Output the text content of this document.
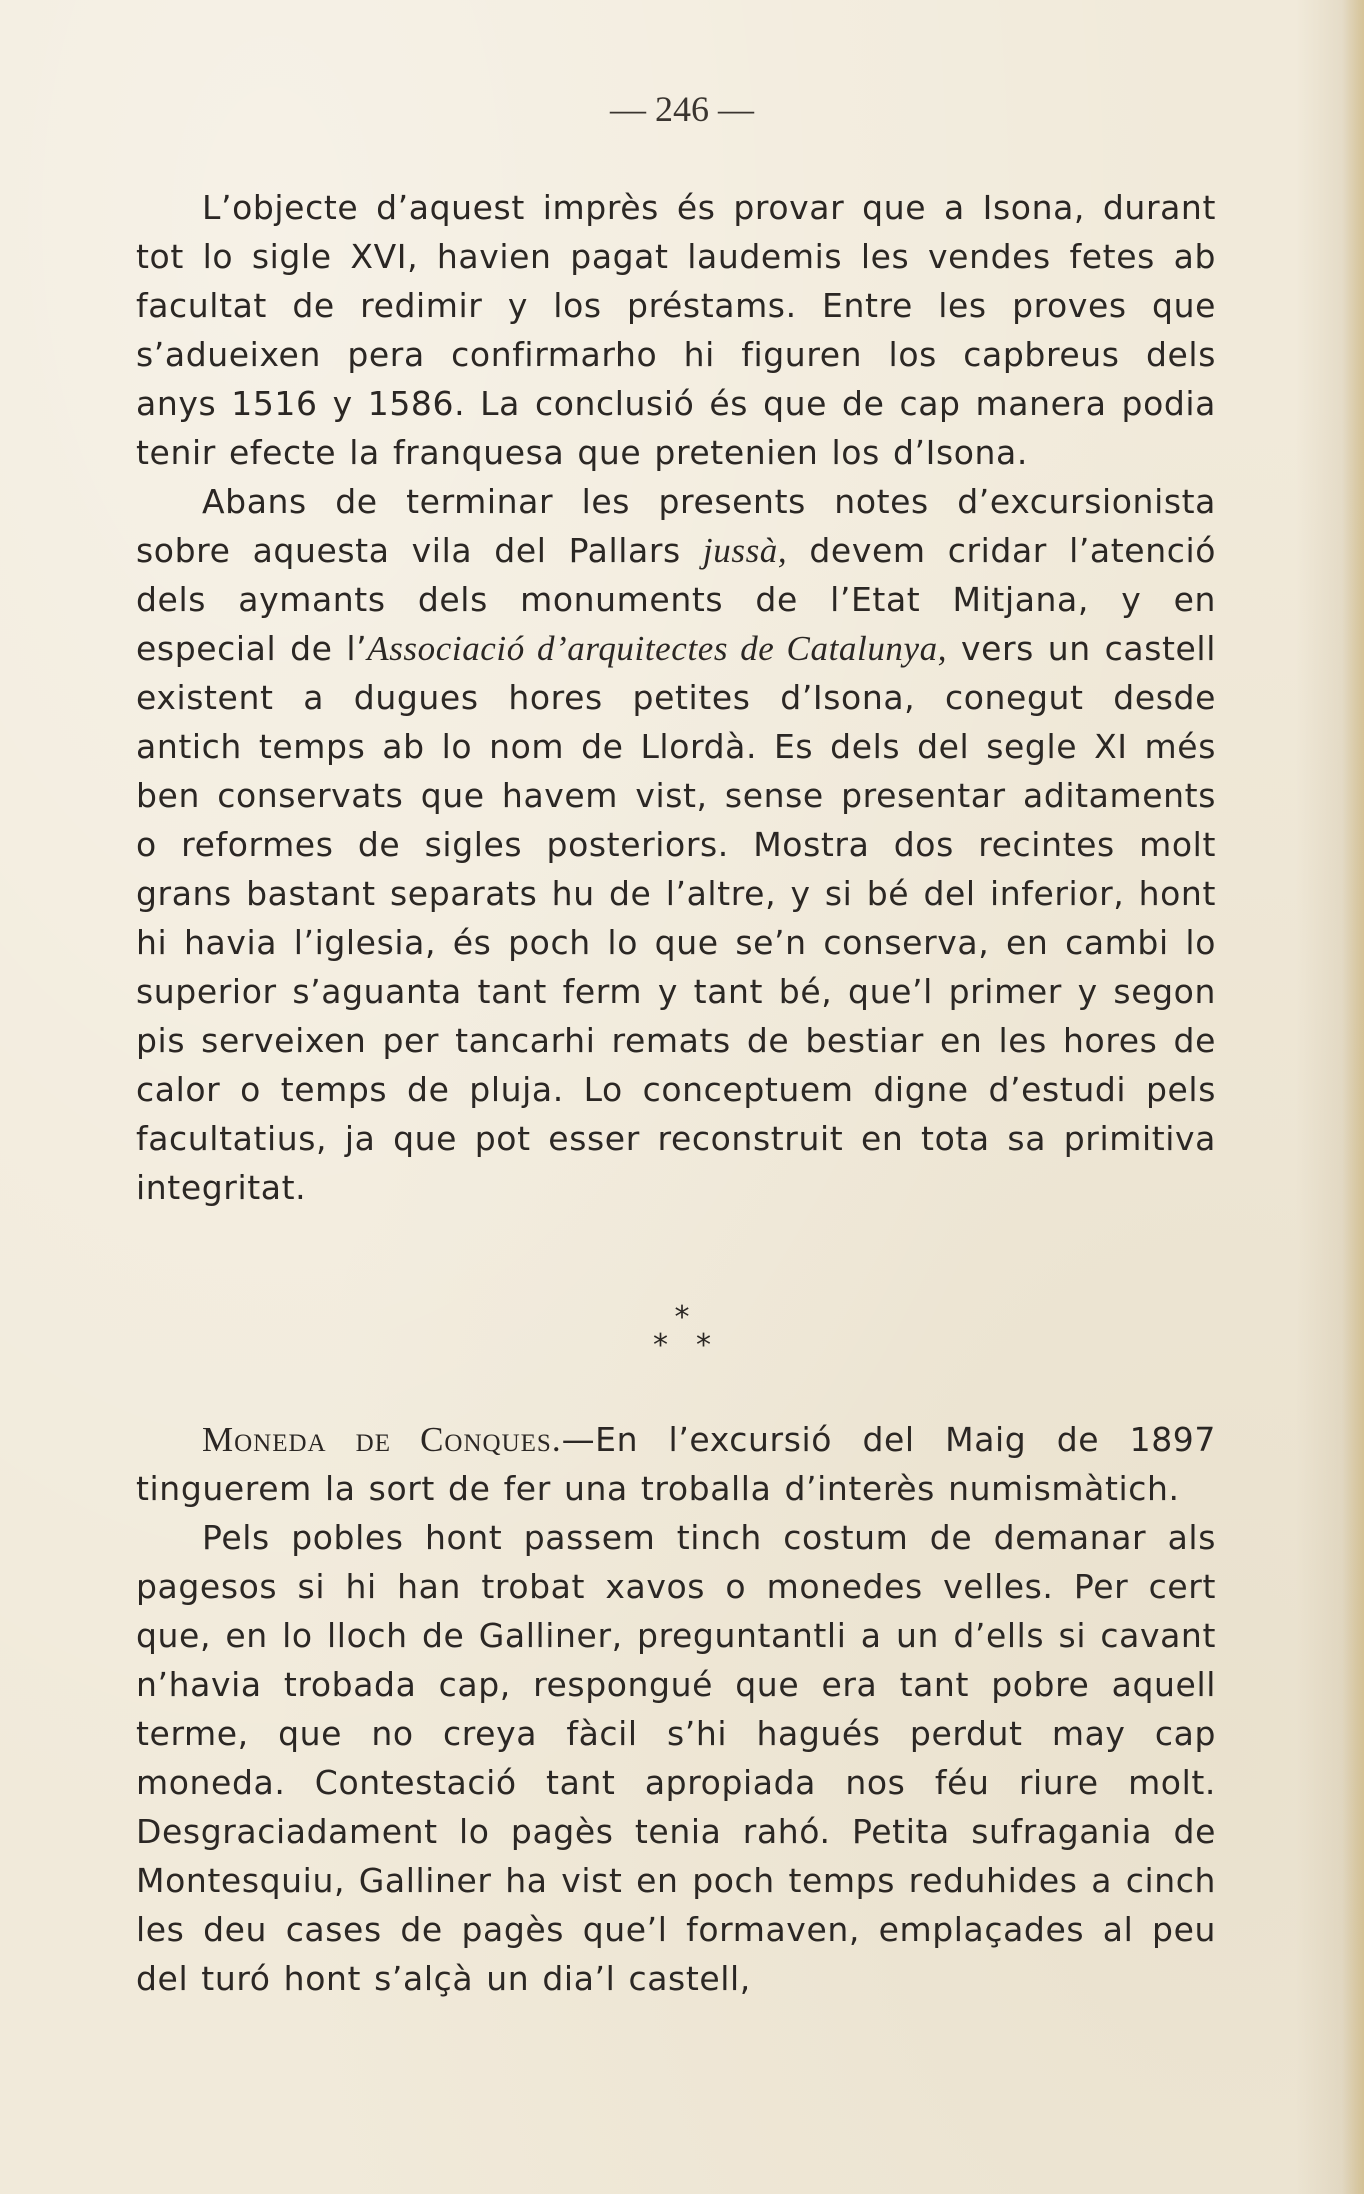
— 246 —

L’objecte d’aquest imprès és provar que a Isona, durant tot lo sigle XVI, havien pagat laudemis les vendes fetes ab facultat de redimir y los préstams. Entre les proves que s’adueixen pera confirmarho hi figuren los capbreus dels anys 1516 y 1586. La conclusió és que de cap manera podia tenir efecte la franquesa que pretenien los d’Isona.

Abans de terminar les presents notes d’excursionista sobre aquesta vila del Pallars jussà, devem cridar l’atenció dels aymants dels monuments de l’Etat Mitjana, y en especial de l’Associació d’arquitectes de Catalunya, vers un castell existent a dugues hores petites d’Isona, conegut desde antich temps ab lo nom de Llordà. Es dels del segle XI més ben conservats que havem vist, sense presentar aditaments o reformes de sigles posteriors. Mostra dos recintes molt grans bastant separats hu de l’altre, y si bé del inferior, hont hi havia l’iglesia, és poch lo que se’n conserva, en cambi lo superior s’aguanta tant ferm y tant bé, que’l primer y segon pis serveixen per tancarhi remats de bestiar en les hores de calor o temps de pluja. Lo conceptuem digne d’estudi pels facultatius, ja que pot esser reconstruit en tota sa primitiva integritat.

*
**

Moneda de Conques.—En l’excursió del Maig de 1897 tinguerem la sort de fer una troballa d’interès numismàtich.

Pels pobles hont passem tinch costum de demanar als pagesos si hi han trobat xavos o monedes velles. Per cert que, en lo lloch de Galliner, preguntantli a un d’ells si cavant n’havia trobada cap, respongué que era tant pobre aquell terme, que no creya fàcil s’hi hagués perdut may cap moneda. Contestació tant apropiada nos féu riure molt. Desgraciadament lo pagès tenia rahó. Petita sufragania de Montesquiu, Galliner ha vist en poch temps reduhides a cinch les deu cases de pagès que’l formaven, emplaçades al peu del turó hont s’alçà un dia’l castell,
